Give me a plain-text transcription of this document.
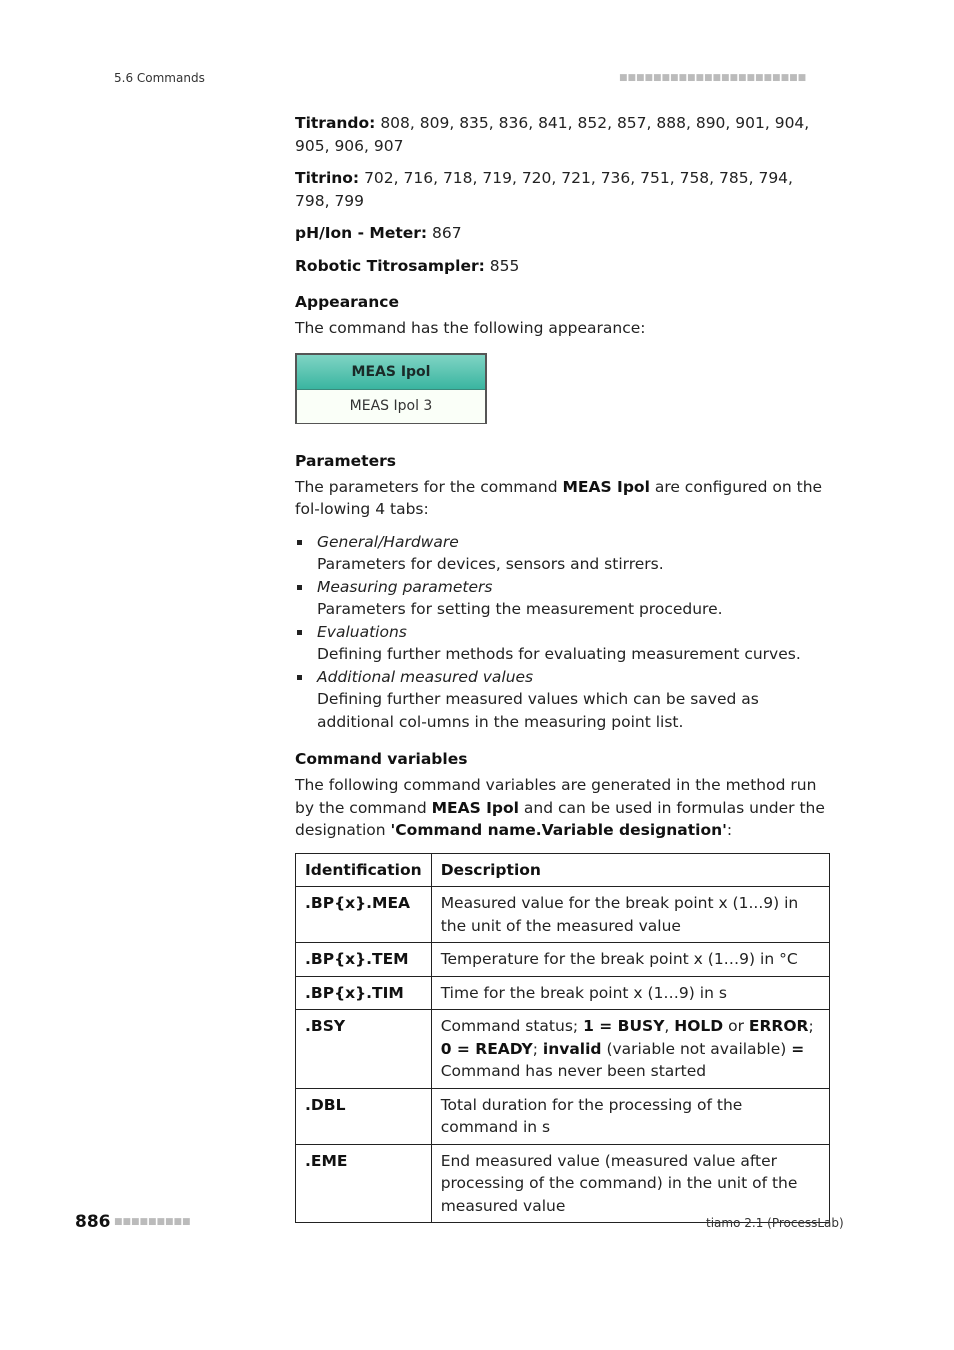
5.6 Commands	■■■■■■■■■■■■■■■■■■■■■■

Titrando: 808, 809, 835, 836, 841, 852, 857, 888, 890, 901, 904, 905, 906, 907

Titrino: 702, 716, 718, 719, 720, 721, 736, 751, 758, 785, 794, 798, 799

pH/Ion - Meter: 867

Robotic Titrosampler: 855

Appearance

The command has the following appearance:

MEAS Ipol
MEAS Ipol 3
Parameters

The parameters for the command MEAS Ipol are configured on the fol-lowing 4 tabs:

General/Hardware
Parameters for devices, sensors and stirrers.
Measuring parameters
Parameters for setting the measurement procedure.
Evaluations
Defining further methods for evaluating measurement curves.
Additional measured values
Defining further measured values which can be saved as additional col-umns in the measuring point list.
Command variables

The following command variables are generated in the method run by the command MEAS Ipol and can be used in formulas under the designation 'Command name.Variable designation':

Identification	Description
.BP{x}.MEA	Measured value for the break point x (1...9) in the unit of the measured value
.BP{x}.TEM	Temperature for the break point x (1…9) in °C
.BP{x}.TIM	Time for the break point x (1…9) in s
.BSY	Command status; 1 = BUSY, HOLD or ERROR; 0 = READY; invalid (variable not available) = Command has never been started
.DBL	Total duration for the processing of the command in s
.EME	End measured value (measured value after processing of the command) in the unit of the measured value
886 ■■■■■■■■■	tiamo 2.1 (ProcessLab)
